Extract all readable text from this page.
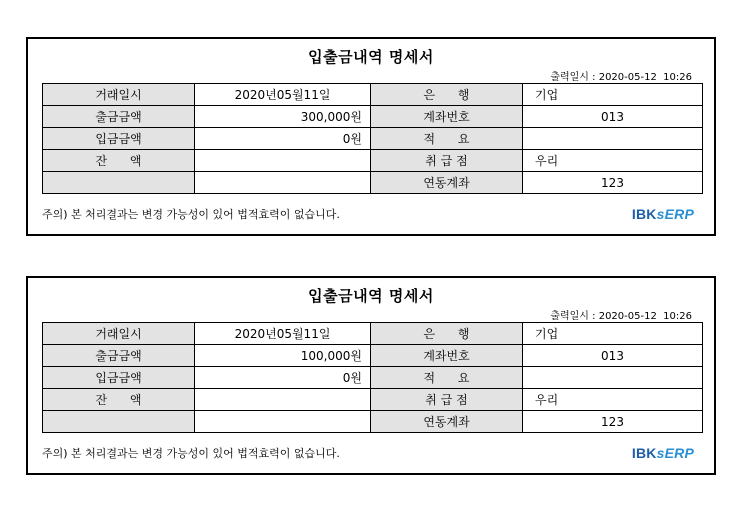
입출금내역 명세서
출력일시 : 2020-05-12  10:26
거래일시	2020년05월11일	은      행	기업
출금금액	300,000원	계좌번호	013
입금금액	0원	적      요	
잔      액		취 급 점	우리
		연동계좌	123
주의) 본 처리결과는 변경 가능성이 있어 법적효력이 없습니다.	IBKsERP
입출금내역 명세서
출력일시 : 2020-05-12  10:26
거래일시	2020년05월11일	은      행	기업
출금금액	100,000원	계좌번호	013
입금금액	0원	적      요	
잔      액		취 급 점	우리
		연동계좌	123
주의) 본 처리결과는 변경 가능성이 있어 법적효력이 없습니다.	IBKsERP
